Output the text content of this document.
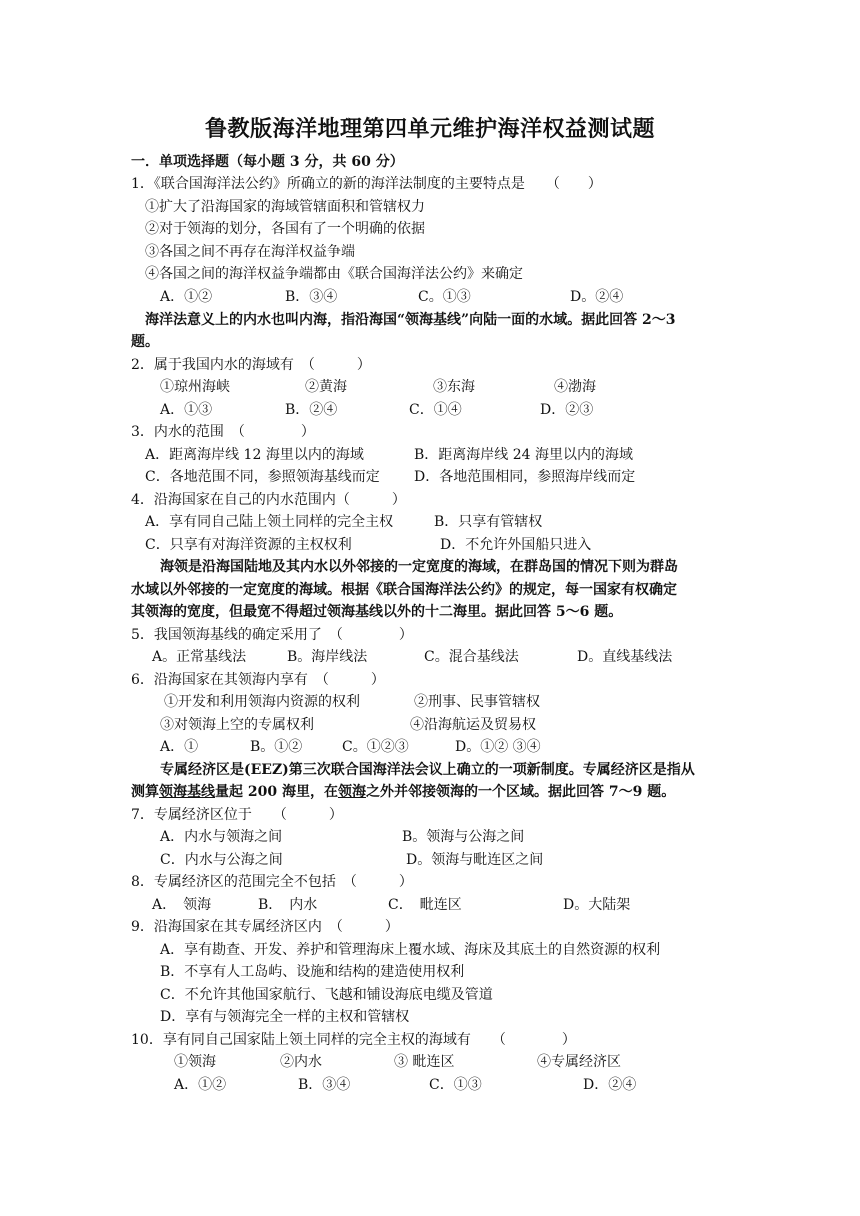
鲁教版海洋地理第四单元维护海洋权益测试题
一．单项选择题（每小题 3 分，共 60 分）
1．《联合国海洋法公约》所确立的新的海洋法制度的主要特点是　　（　　）
①扩大了沿海国家的海域管辖面积和管辖权力
②对于领海的划分，各国有了一个明确的依据
③各国之间不再存在海洋权益争端
④各国之间的海洋权益争端都由《联合国海洋法公约》来确定
A．①②	B．③④	C。①③	D。②④
海洋法意义上的内水也叫内海，指沿海国“领海基线”向陆一面的水域。据此回答 2～3
题。
2．属于我国内水的海域有　（　　　）
①琼州海峡	②黄海	③东海	④渤海
A．①③	B．②④	C．①④	D．②③
3．内水的范围　（　　　　）
A．距离海岸线 12 海里以内的海域	B．距离海岸线 24 海里以内的海域
C．各地范围不同，参照领海基线而定 D．各地范围相同，参照海岸线而定
4．沿海国家在自己的内水范围内（　　　）
A．享有同自己陆上领土同样的完全主权	B．只享有管辖权
C．只享有对海洋资源的主权权利	D．不允许外国船只进入
海领是沿海国陆地及其内水以外邻接的一定宽度的海域，在群岛国的情况下则为群岛
水域以外邻接的一定宽度的海域。根据《联合国海洋法公约》的规定，每一国家有权确定
其领海的宽度，但最宽不得超过领海基线以外的十二海里。据此回答 5～6 题。
5．我国领海基线的确定采用了　（　　　　）
A。正常基线法	B。海岸线法	C。混合基线法	D。直线基线法
6．沿海国家在其领海内享有　（　　　）
①开发和利用领海内资源的权利	②刑事、民事管辖权
③对领海上空的专属权利	④沿海航运及贸易权
A．①	B。①②	C。①②③	D。①② ③④
专属经济区是(EEZ)第三次联合国海洋法会议上确立的一项新制度。专属经济区是指从
测算领海基线量起 200 海里，在领海之外并邻接领海的一个区域。据此回答 7～9 题。
7．专属经济区位于　　（　　　）
A．内水与领海之间	B。领海与公海之间
C．内水与公海之间	D。领海与毗连区之间
8．专属经济区的范围完全不包括　（　　　）
A．　领海	B．　内水	C．　毗连区	D。大陆架
9．沿海国家在其专属经济区内　（　　　）
A．享有勘查、开发、养护和管理海床上覆水域、海床及其底土的自然资源的权利
B．不享有人工岛屿、设施和结构的建造使用权利
C．不允许其他国家航行、飞越和铺设海底电缆及管道
D．享有与领海完全一样的主权和管辖权
10．享有同自己国家陆上领土同样的完全主权的海域有　　（　　　　）
①领海	②内水	③ 毗连区	④专属经济区
A．①②	B．③④	C．①③	D．②④
